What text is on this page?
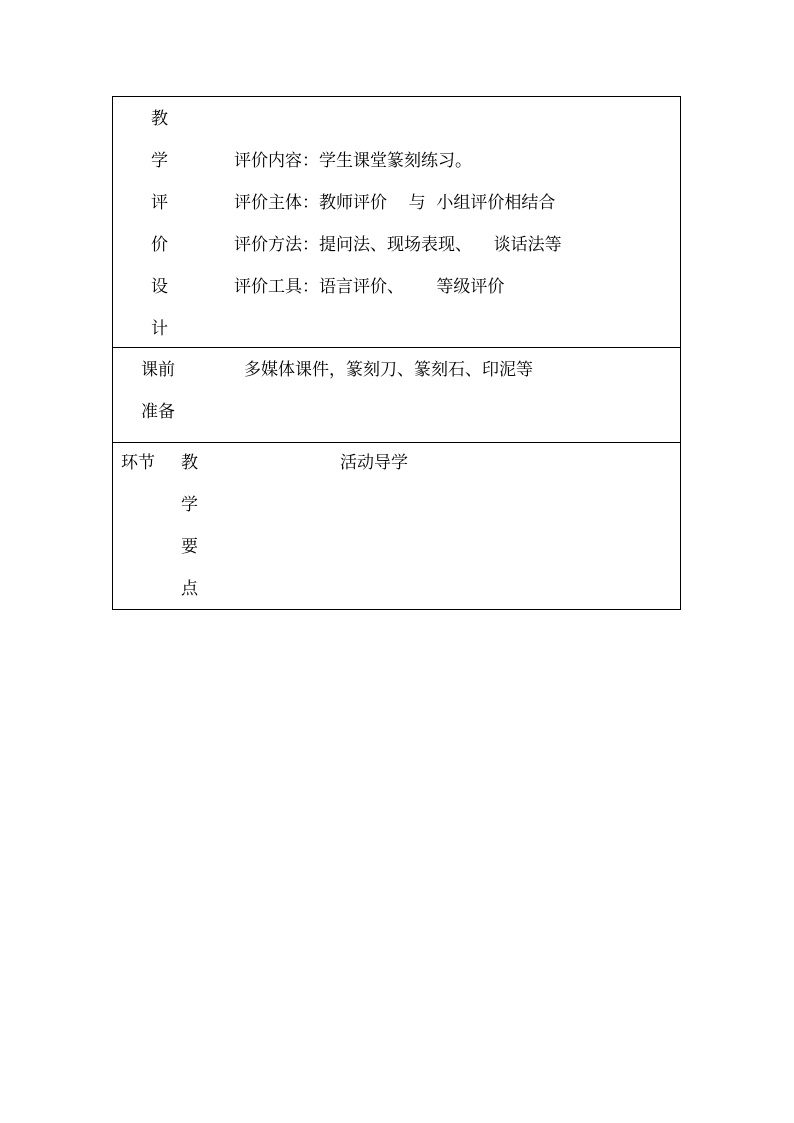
教
学
评
价
设
计
评价内容：学生课堂篆刻练习。
评价主体：教师评价    与  小组评价相结合
评价方法：提问法、现场表现、    谈话法等
评价工具：语言评价、      等级评价
课前
准备
多媒体课件，篆刻刀、篆刻石、印泥等
环节 教
学
要
点
活动导学
